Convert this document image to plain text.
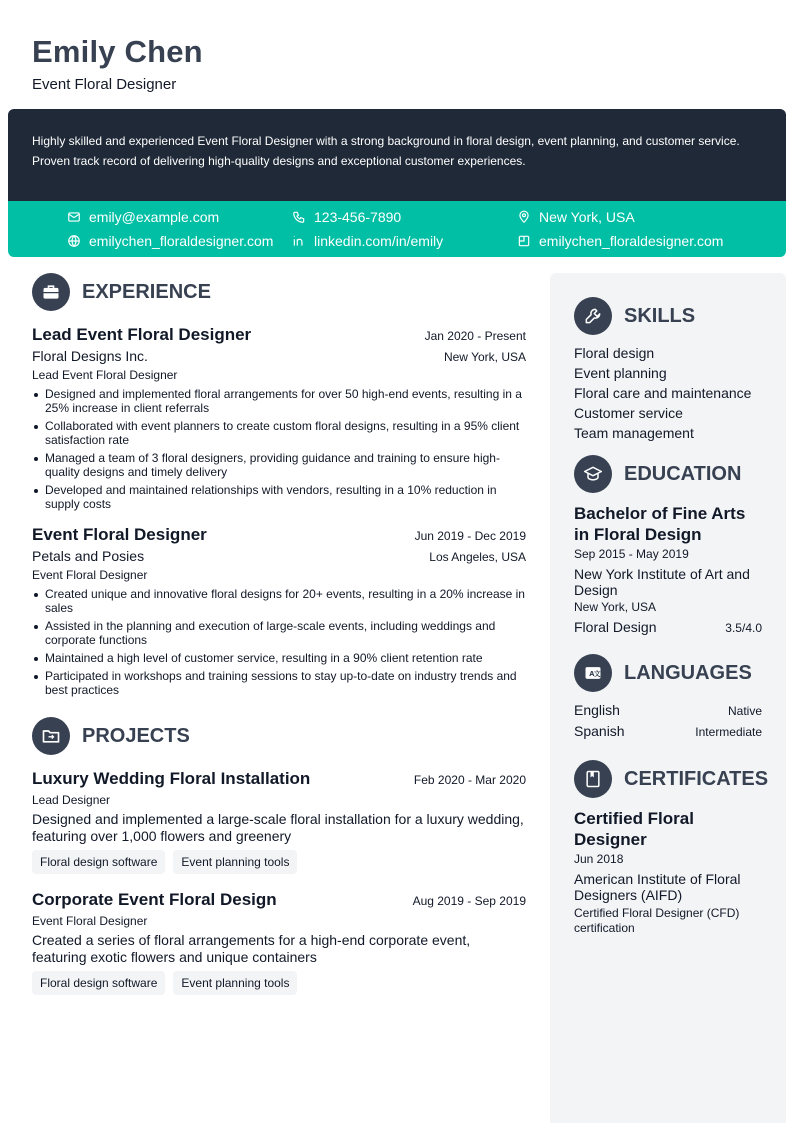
Emily Chen
Event Floral Designer

Highly skilled and experienced Event Floral Designer with a strong background in floral design, event planning, and customer service. Proven track record of delivering high-quality designs and exceptional customer experiences.

emily@example.com	123-456-7890	New York, USA
emilychen_floraldesigner.com	linkedin.com/in/emily	emilychen_floraldesigner.com
EXPERIENCE
Lead Event Floral Designer	Jan 2020 - Present
Floral Designs Inc.	New York, USA
Lead Event Floral Designer
Designed and implemented floral arrangements for over 50 high-end events, resulting in a 25% increase in client referrals
Collaborated with event planners to create custom floral designs, resulting in a 95% client satisfaction rate
Managed a team of 3 floral designers, providing guidance and training to ensure high-quality designs and timely delivery
Developed and maintained relationships with vendors, resulting in a 10% reduction in supply costs
Event Floral Designer	Jun 2019 - Dec 2019
Petals and Posies	Los Angeles, USA
Event Floral Designer
Created unique and innovative floral designs for 20+ events, resulting in a 20% increase in sales
Assisted in the planning and execution of large-scale events, including weddings and corporate functions
Maintained a high level of customer service, resulting in a 90% client retention rate
Participated in workshops and training sessions to stay up-to-date on industry trends and best practices
PROJECTS
Luxury Wedding Floral Installation	Feb 2020 - Mar 2020
Lead Designer
Designed and implemented a large-scale floral installation for a luxury wedding, featuring over 1,000 flowers and greenery
Floral design software	Event planning tools
Corporate Event Floral Design	Aug 2019 - Sep 2019
Event Floral Designer
Created a series of floral arrangements for a high-end corporate event, featuring exotic flowers and unique containers
Floral design software	Event planning tools
SKILLS
Floral design
Event planning
Floral care and maintenance
Customer service
Team management
EDUCATION
Bachelor of Fine Arts in Floral Design
Sep 2015 - May 2019
New York Institute of Art and Design
New York, USA
Floral Design	3.5/4.0
A 文 LANGUAGES
English	Native
Spanish	Intermediate
CERTIFICATES
Certified Floral Designer
Jun 2018
American Institute of Floral Designers (AIFD)
Certified Floral Designer (CFD) certification
